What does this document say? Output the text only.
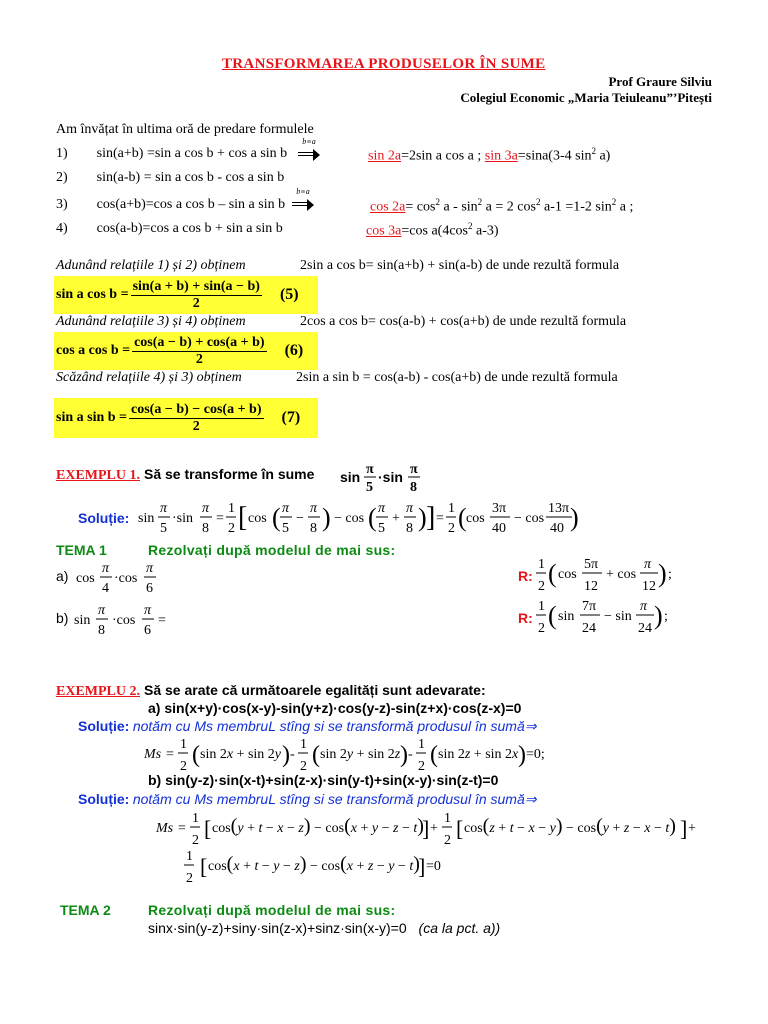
TRANSFORMAREA PRODUSELOR ÎN SUME
Prof Graure Silviu
Colegiul Economic „Maria Teiuleanu”’Pitești
Am învățat în ultima oră de predare formulele
1) sin(a+b) =sin a cos b + cos a sin b
b≡a
sin 2a=2sin a cos a ; sin 3a=sina(3-4 $\sin^2 a$)
2) sin(a-b) = sin a cos b - cos a sin b
3) cos(a+b)=cos a cos b – sin a sin b
b≡a
$\cos 2a= \cos^2 a - \sin^2 a = 2$ $\cos^2 a-1 =1-2$ $\sin^2 a$ ;
4) cos(a-b)=cos a cos b + sin a sin b	cos 3a=cos $a(4\cos^2$ a-3)
Adunând relațiile 1) și 2) obținem	2sin a cos b= sin(a+b) + sin(a-b) de unde rezultă formula
sin a $\cos b = \frac{\sin(a + b) + \sin(a - b)}{2} (5)$
Adunând relațiile 3) și 4) obținem	2cos a cos b= cos(a-b) + cos(a+b) de unde rezultă formula
cos a $\cos b = \frac{\cos(a - b) + \cos(a + b)}{2} (6)$
Scăzând relațiile 4) și 3) obținem	2sin a sin b = cos(a-b) - cos(a+b) de unde rezultă formula
sin a $\sin b = \frac{\cos(a - b) - \cos(a + b)}{2} (7)$
EXEMPLU 1. Să se transforme în sume sin π
5
·sin π
8
Soluție: sin
π
5
·sin
π
8
=
1
2 [ cos ( π
5
−
π
8 ) − cos ( π
5
+
π
8 ) ] =
1
2 ( cos
3π
40
− cos
13π
40 )
TEMA 1	Rezolvați după modelul de mai sus:
a) cos
π
4
·cos
π
6
R:
1
2 ( cos
5π
12
+ cos
π
12 ) ;
b) sin
π
8
·cos
π
6
=	R:
1
2 ( sin
7π
24
− sin
π
24 ) ;
EXEMPLU 2. Să se arate că următoarele egalități sunt adevarate:
a) sin(x+y)·cos(x-y)-sin(y+z)·cos(y-z)-sin(z+x)·cos(z-x)=0
Soluție: notăm cu Ms membruL stîng si se transformă produsul în sumă⇒
Ms =
1
2 ( sin 2x + sin 2y ) -
1
2 ( sin 2y + sin 2z ) -
1
2 ( sin 2z + sin 2x ) =0;
b) sin(y-z)·sin(x-t)+sin(z-x)·sin(y-t)+sin(x-y)·sin(z-t)=0
Soluție: notăm cu Ms membruL stîng si se transformă produsul în sumă⇒
Ms =
1
2 [ cos(y + t − x − z) − cos(x + y − z − t)
] +
1
2 [ cos(z + t − x − y) − cos(y + z − x − t) ] +
1
2 [ cos(x + t − y − z) − cos(x + z − y − t)
] =0
TEMA 2	Rezolvați după modelul de mai sus:
sinx·sin(y-z)+siny·sin(z-x)+sinz·sin(x-y)=0 (ca la pct. a))
